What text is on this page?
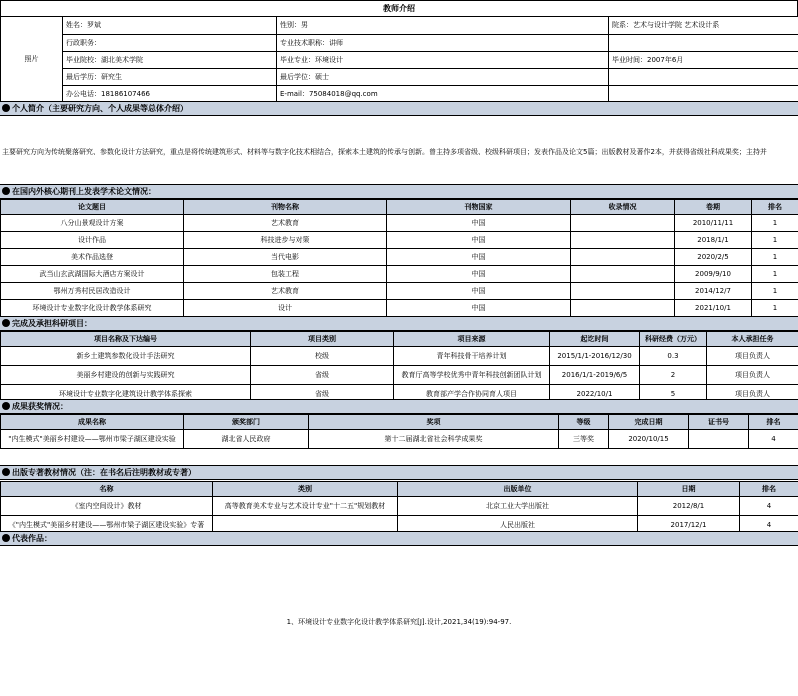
教师介绍
照片	姓名：罗斌	性别：男	院系：艺术与设计学院 艺术设计系
	行政职务：	专业技术职称：讲师	
	毕业院校：湖北美术学院	毕业专业：环境设计	毕业时间：2007年6月
	最后学历：研究生	最后学位：硕士	
	办公电话：18186107466	E-mail：75084018@qq.com	
个人简介（主要研究方向、个人成果等总体介绍）
主要研究方向为传统聚落研究、参数化设计方法研究，重点是将传统建筑形式、材料等与数字化技术相结合，探索本土建筑的传承与创新。曾主持多项省级、校级科研项目；发表作品及论文5篇；出版教材及著作2本，并获得省级社科成果奖；主持并
在国内外核心期刊上发表学术论文情况：
论文题目	刊物名称	刊物国家	收录情况	卷期	排名
八分山景观设计方案	艺术教育	中国		2010/11/11	1
设计作品	科技进步与对策	中国		2018/1/1	1
美术作品选登	当代电影	中国		2020/2/5	1
武当山玄武湖国际大酒店方案设计	包装工程	中国		2009/9/10	1
鄂州万秀村民居改造设计	艺术教育	中国		2014/12/7	1
环境设计专业数字化设计教学体系研究	设计	中国		2021/10/1	1
完成及承担科研项目：
项目名称及下达编号	项目类别	项目来源	起讫时间	科研经费（万元）	本人承担任务
新乡土建筑参数化设计手法研究	校级	青年科技骨干培养计划	2015/1/1-2016/12/30	0.3	项目负责人
美丽乡村建设的创新与实践研究	省级	教育厅高等学校优秀中青年科技创新团队计划	2016/1/1-2019/6/5	2	项目负责人
环境设计专业数字化建筑设计教学体系探索	省级	教育部产学合作协同育人项目	2022/10/1	5	项目负责人
成果获奖情况：
成果名称	颁奖部门	奖项	等级	完成日期	证书号	排名
"内生模式"美丽乡村建设——鄂州市梁子湖区建设实验	湖北省人民政府	第十二届湖北省社会科学成果奖	三等奖	2020/10/15		4
出版专著教材情况（注：在书名后注明教材或专著）
名称	类别	出版单位	日期	排名
《室内空间设计》教材	高等教育美术专业与艺术设计专业"十二五"规划教材	北京工业大学出版社	2012/8/1	4
《"内生模式"美丽乡村建设——鄂州市梁子湖区建设实验》专著		人民出版社	2017/12/1	4
代表作品：
1、环境设计专业数字化设计教学体系研究[J].设计,2021,34(19):94-97.
